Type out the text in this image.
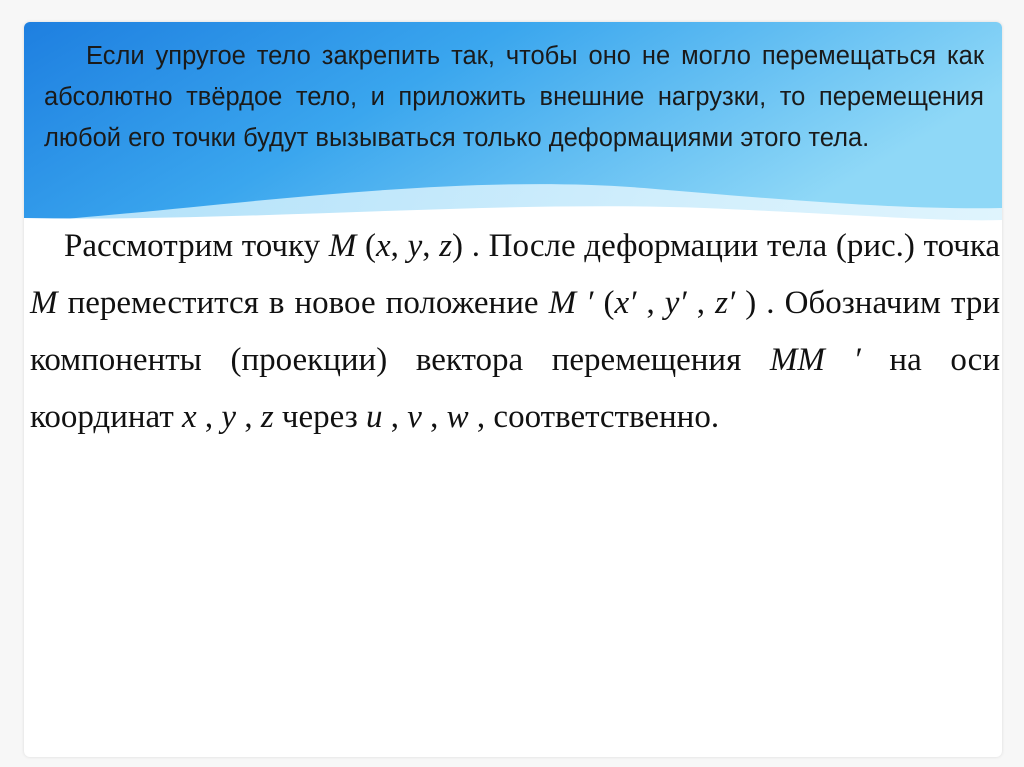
Если упругое тело закрепить так, чтобы оно не могло перемещаться как абсолютно твёрдое тело, и приложить внешние нагрузки, то перемещения любой его точки будут вызываться только деформациями этого тела.

Рассмотрим точку M (x, y, z) . После деформации тела (рис.) точка M переместится в новое положение M ′ (x′ , y′ , z′ ) . Обозначим три компоненты (проекции) вектора перемещения MM ′ на оси координат x , y , z через u , v , w , соответственно.
